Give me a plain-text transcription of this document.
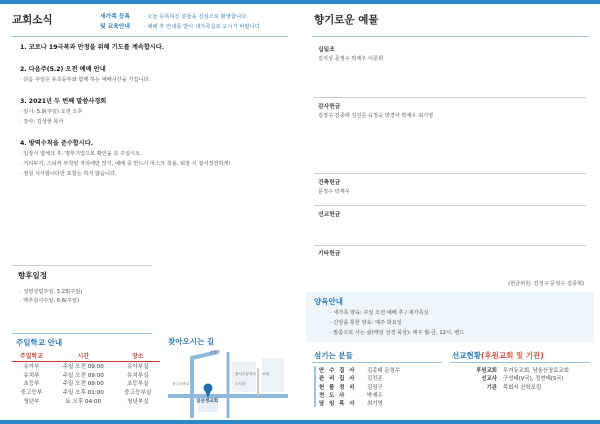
교회소식	새가족 등록
및 교육안내
· 오늘 등록하신 분들을 진심으로 환영합니다.
· 예배 후 안내를 받아 새가족실로 오시기 바랍니다.
1. 코로나 19극복과 안정을 위해 기도를 계속합시다.
2. 다음주(5.2) 오전 예배 안내
· 다음 주일은 유초등부와 함께 하는 예배시간을 가집니다.
3. 2021년 두 번째 말씀사경회
· 일시: 5.9(주일) 오전 오후
· 강사: 김성현 목사
4. 방역수칙을 준수합시다.
· 입장시 열체크 후, 명부기입으로 확인을 꼭 주십시오.
· 거리두기, 스티커 부착된 자리에만 앉기, 예배 중 반드시 마스크 착용, 퇴장 시 질서정연하게!
· 점심 식사합니다만 포함는 하지 않습니다.
향후일정
· 성령강림주일: 5.23(주일)
· 맥추감사주일: 6.6(주일)
주일학교 안내
주일학교	시간	장소
유아부	주일 오전 09:00	유아부실
유치부	주일 오전 09:00	유치부실
초등부	주일 오전 09:00	초등부실
중고등부	주일 오후 01:00	중고등부실
청년부	토 오후 04:00	청년부실
찾아오시는 길
일산생교회
운동장
용서초등학교
도서관
교회
중고등학교
향기로운 예물
십일조
김지성 문정수 박재우 이준희
감사헌금
김정구 김종태 김진준 유정숙 박경아 박재우 최기영
건축헌금
문정수 박재우
선교헌금
기타헌금
(헌금위원: 김정구 문정수 김종혁)
양육안내
· 새가족 양육: 주일 오전 예배 후 / 새가족실
· 신앙을 통한 양육: 매주 화요일
· 말씀으로 사는 삶(매일 성경 묵상): 매주 월-금, 12시, 밴드
섬기는 분들
안 수 집 사	김종태 문정수
관 리 집 사	김진준
헌 물 정 리	김정구
전 도 사	박재우
담 임 목 사	최기영
선교현황(후원교회 및 기관)
후원교회	무거동교회, 남울산장로교회
선교사	구성태(V국), 정현태(S국)
기관	목회자 신학포럼
